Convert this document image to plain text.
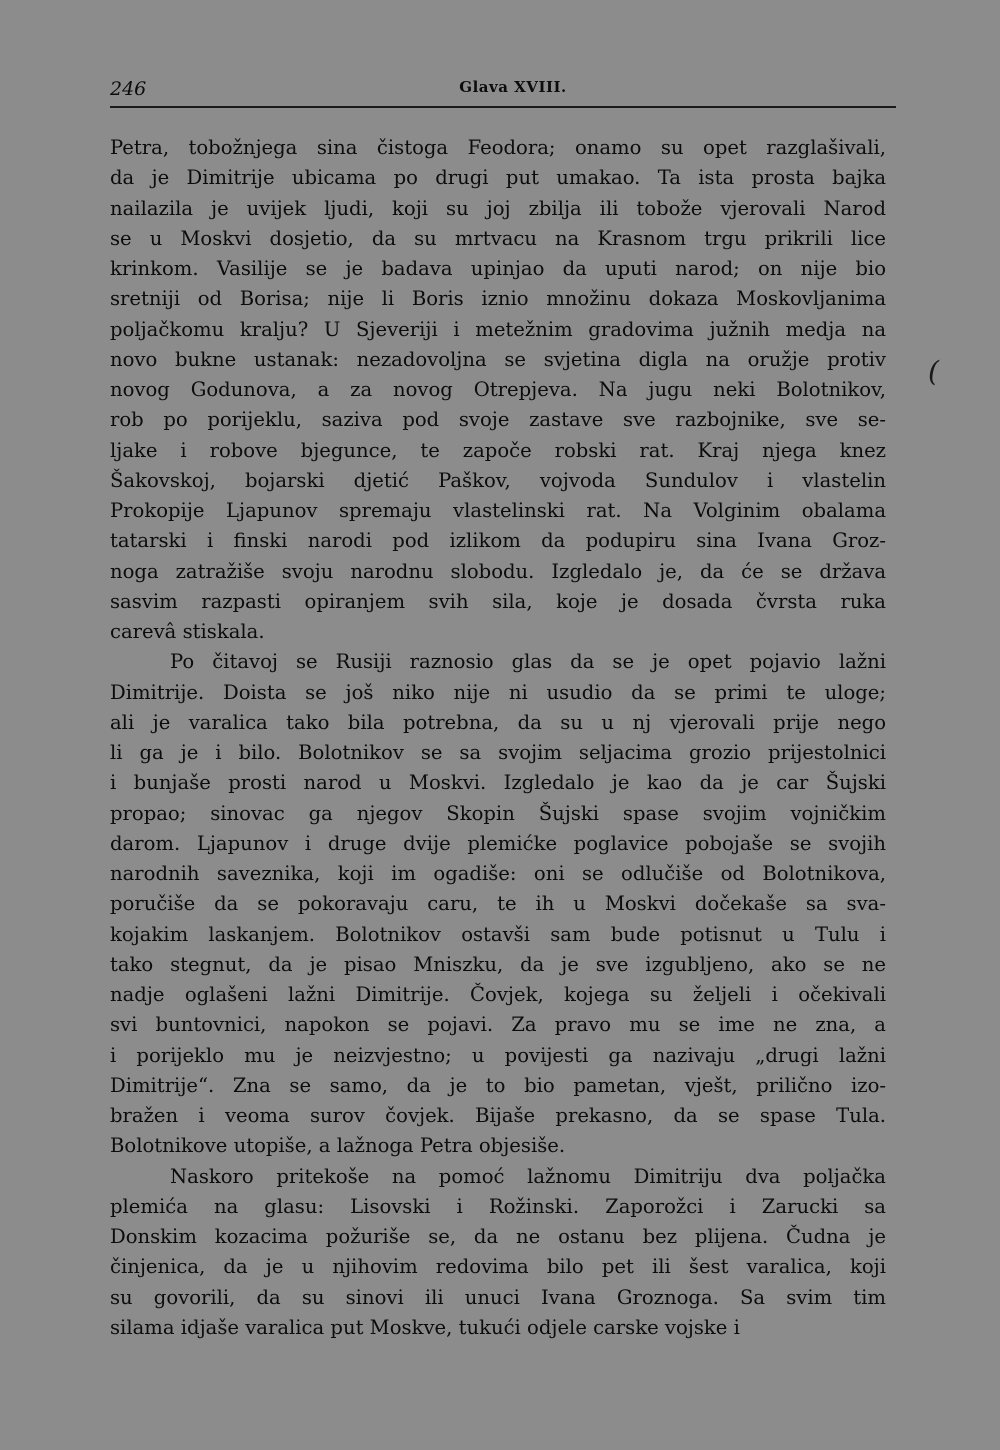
246	Glava XVIII.
Petra, tobožnjega sina čistoga Feodora; onamo su opet razglašivali,
da je Dimitrije ubicama po drugi put umakao. Ta ista prosta bajka
nailazila je uvijek ljudi, koji su joj zbilja ili tobože vjerovali Narod
se u Moskvi dosjetio, da su mrtvacu na Krasnom trgu prikrili lice
krinkom. Vasilije se je badava upinjao da uputi narod; on nije bio
sretniji od Borisa; nije li Boris iznio množinu dokaza Moskovljanima
poljačkomu kralju? U Sjeveriji i metežnim gradovima južnih medja na
novo bukne ustanak: nezadovoljna se svjetina digla na oružje protiv
novog Godunova, a za novog Otrepjeva. Na jugu neki Bolotnikov,
rob po porijeklu, saziva pod svoje zastave sve razbojnike, sve se-
ljake i robove bjegunce, te započe robski rat. Kraj njega knez
Šakovskoj, bojarski djetić Paškov, vojvoda Sundulov i vlastelin
Prokopije Ljapunov spremaju vlastelinski rat. Na Volginim obalama
tatarski i finski narodi pod izlikom da podupiru sina Ivana Groz-
noga zatražiše svoju narodnu slobodu. Izgledalo je, da će se država
sasvim razpasti opiranjem svih sila, koje je dosada čvrsta ruka
carevâ stiskala.
Po čitavoj se Rusiji raznosio glas da se je opet pojavio lažni
Dimitrije. Doista se još niko nije ni usudio da se primi te uloge;
ali je varalica tako bila potrebna, da su u nj vjerovali prije nego
li ga je i bilo. Bolotnikov se sa svojim seljacima grozio prijestolnici
i bunjaše prosti narod u Moskvi. Izgledalo je kao da je car Šujski
propao; sinovac ga njegov Skopin Šujski spase svojim vojničkim
darom. Ljapunov i druge dvije plemićke poglavice pobojaše se svojih
narodnih saveznika, koji im ogadiše: oni se odlučiše od Bolotnikova,
poručiše da se pokoravaju caru, te ih u Moskvi dočekaše sa sva-
kojakim laskanjem. Bolotnikov ostavši sam bude potisnut u Tulu i
tako stegnut, da je pisao Mniszku, da je sve izgubljeno, ako se ne
nadje oglašeni lažni Dimitrije. Čovjek, kojega su željeli i očekivali
svi buntovnici, napokon se pojavi. Za pravo mu se ime ne zna, a
i porijeklo mu je neizvjestno; u povijesti ga nazivaju „drugi lažni
Dimitrije“. Zna se samo, da je to bio pametan, vješt, prilično izo-
bražen i veoma surov čovjek. Bijaše prekasno, da se spase Tula.
Bolotnikove utopiše, a lažnoga Petra objesiše.
Naskoro pritekoše na pomoć lažnomu Dimitriju dva poljačka
plemića na glasu: Lisovski i Rožinski. Zaporožci i Zarucki sa
Donskim kozacima požuriše se, da ne ostanu bez plijena. Čudna je
činjenica, da je u njihovim redovima bilo pet ili šest varalica, koji
su govorili, da su sinovi ili unuci Ivana Groznoga. Sa svim tim
silama idjaše varalica put Moskve, tukući odjele carske vojske i
(
